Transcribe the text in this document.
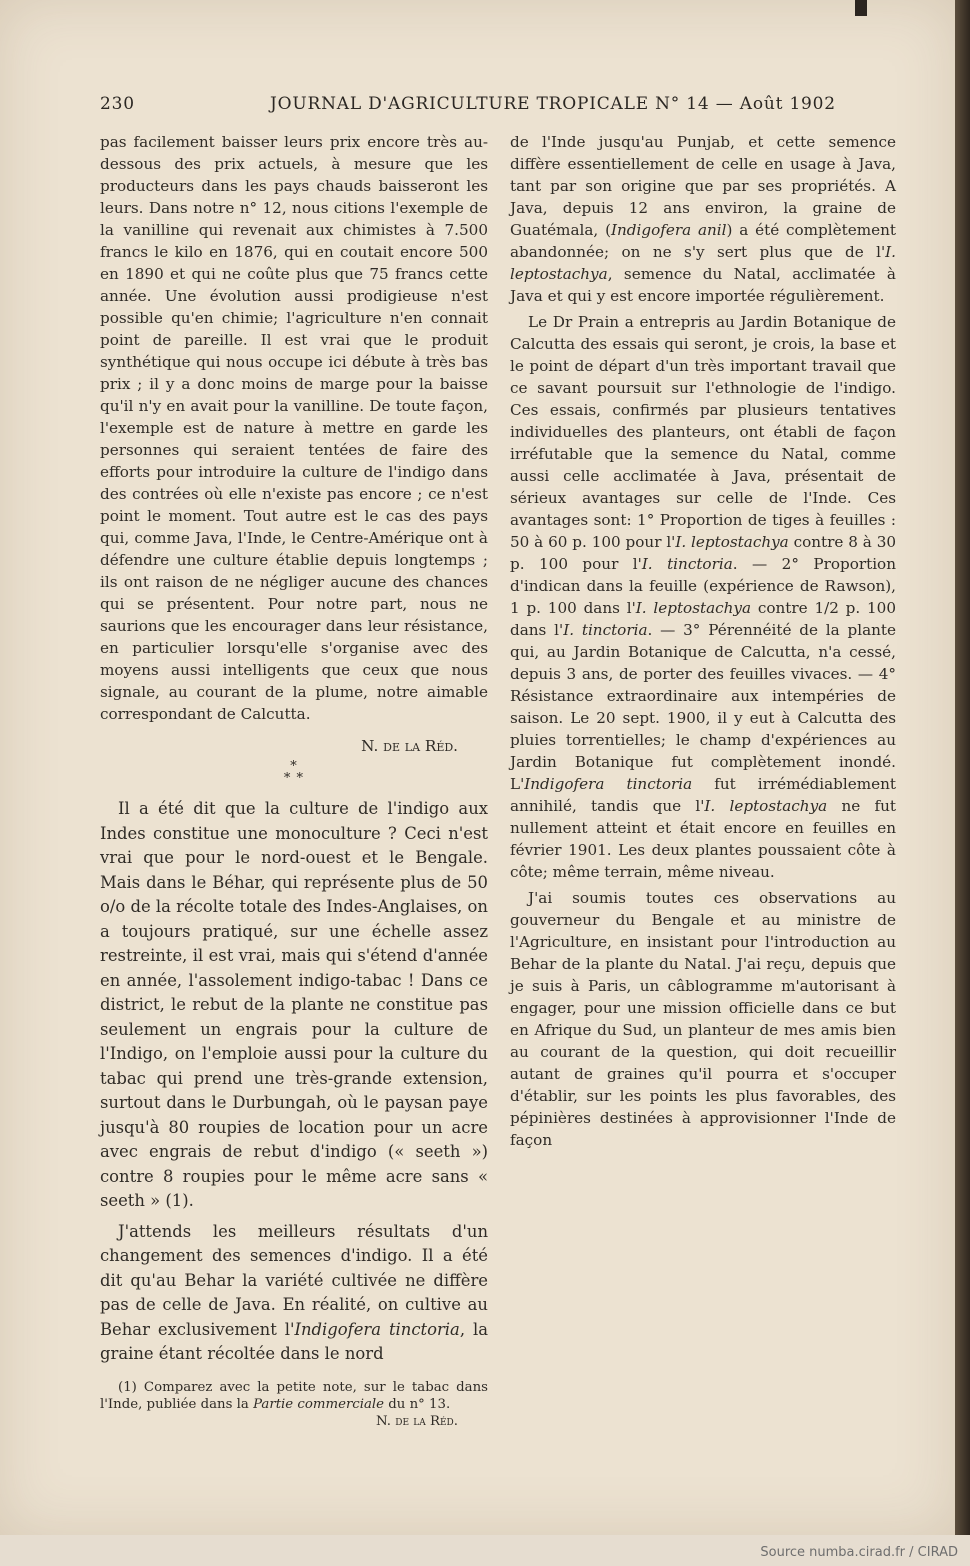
230	JOURNAL D'AGRICULTURE TROPICALE N° 14 — Août 1902

pas facilement baisser leurs prix encore très au-dessous des prix actuels, à mesure que les producteurs dans les pays chauds baisseront les leurs. Dans notre n° 12, nous citions l'exemple de la vanilline qui revenait aux chimistes à 7.500 francs le kilo en 1876, qui en coutait encore 500 en 1890 et qui ne coûte plus que 75 francs cette année. Une évolution aussi prodigieuse n'est possible qu'en chimie; l'agriculture n'en connait point de pareille. Il est vrai que le produit synthétique qui nous occupe ici débute à très bas prix ; il y a donc moins de marge pour la baisse qu'il n'y en avait pour la vanilline. De toute façon, l'exemple est de nature à mettre en garde les personnes qui seraient tentées de faire des efforts pour introduire la culture de l'indigo dans des contrées où elle n'existe pas encore ; ce n'est point le moment. Tout autre est le cas des pays qui, comme Java, l'Inde, le Centre-Amérique ont à défendre une culture établie depuis longtemps ; ils ont raison de ne négliger aucune des chances qui se présentent. Pour notre part, nous ne saurions que les encourager dans leur résistance, en particulier lorsqu'elle s'organise avec des moyens aussi intelligents que ceux que nous signale, au courant de la plume, notre aimable correspondant de Calcutta.

N. de la Réd.

*
* *

Il a été dit que la culture de l'indigo aux Indes constitue une monoculture ? Ceci n'est vrai que pour le nord-ouest et le Bengale. Mais dans le Béhar, qui représente plus de 50 o/o de la récolte totale des Indes-Anglaises, on a toujours pratiqué, sur une échelle assez restreinte, il est vrai, mais qui s'étend d'année en année, l'assolement indigo-tabac ! Dans ce district, le rebut de la plante ne constitue pas seulement un engrais pour la culture de l'Indigo, on l'emploie aussi pour la culture du tabac qui prend une très-grande extension, surtout dans le Durbungah, où le paysan paye jusqu'à 80 roupies de location pour un acre avec engrais de rebut d'indigo (« seeth ») contre 8 roupies pour le même acre sans « seeth » (1).

J'attends les meilleurs résultats d'un changement des semences d'indigo. Il a été dit qu'au Behar la variété cultivée ne diffère pas de celle de Java. En réalité, on cultive au Behar exclusivement l'Indigofera tinctoria, la graine étant récoltée dans le nord

(1) Comparez avec la petite note, sur le tabac dans l'Inde, publiée dans la Partie commerciale du n° 13.

N. de la Réd.

de l'Inde jusqu'au Punjab, et cette semence diffère essentiellement de celle en usage à Java, tant par son origine que par ses propriétés. A Java, depuis 12 ans environ, la graine de Guatémala, (Indigofera anil) a été complètement abandonnée; on ne s'y sert plus que de l'I. leptostachya, semence du Natal, acclimatée à Java et qui y est encore importée régulièrement.

Le Dr Prain a entrepris au Jardin Botanique de Calcutta des essais qui seront, je crois, la base et le point de départ d'un très important travail que ce savant poursuit sur l'ethnologie de l'indigo. Ces essais, confirmés par plusieurs tentatives individuelles des planteurs, ont établi de façon irréfutable que la semence du Natal, comme aussi celle acclimatée à Java, présentait de sérieux avantages sur celle de l'Inde. Ces avantages sont: 1° Proportion de tiges à feuilles : 50 à 60 p. 100 pour l'I. leptostachya contre 8 à 30 p. 100 pour l'I. tinctoria. — 2° Proportion d'indican dans la feuille (expérience de Rawson), 1 p. 100 dans l'I. leptostachya contre 1/2 p. 100 dans l'I. tinctoria. — 3° Pérennéité de la plante qui, au Jardin Botanique de Calcutta, n'a cessé, depuis 3 ans, de porter des feuilles vivaces. — 4° Résistance extraordinaire aux intempéries de saison. Le 20 sept. 1900, il y eut à Calcutta des pluies torrentielles; le champ d'expériences au Jardin Botanique fut complètement inondé. L'Indigofera tinctoria fut irrémédiablement annihilé, tandis que l'I. leptostachya ne fut nullement atteint et était encore en feuilles en février 1901. Les deux plantes poussaient côte à côte; même terrain, même niveau.

J'ai soumis toutes ces observations au gouverneur du Bengale et au ministre de l'Agriculture, en insistant pour l'introduction au Behar de la plante du Natal. J'ai reçu, depuis que je suis à Paris, un câblogramme m'autorisant à engager, pour une mission officielle dans ce but en Afrique du Sud, un planteur de mes amis bien au courant de la question, qui doit recueillir autant de graines qu'il pourra et s'occuper d'établir, sur les points les plus favorables, des pépinières destinées à approvisionner l'Inde de façon

Source numba.cirad.fr / CIRAD
